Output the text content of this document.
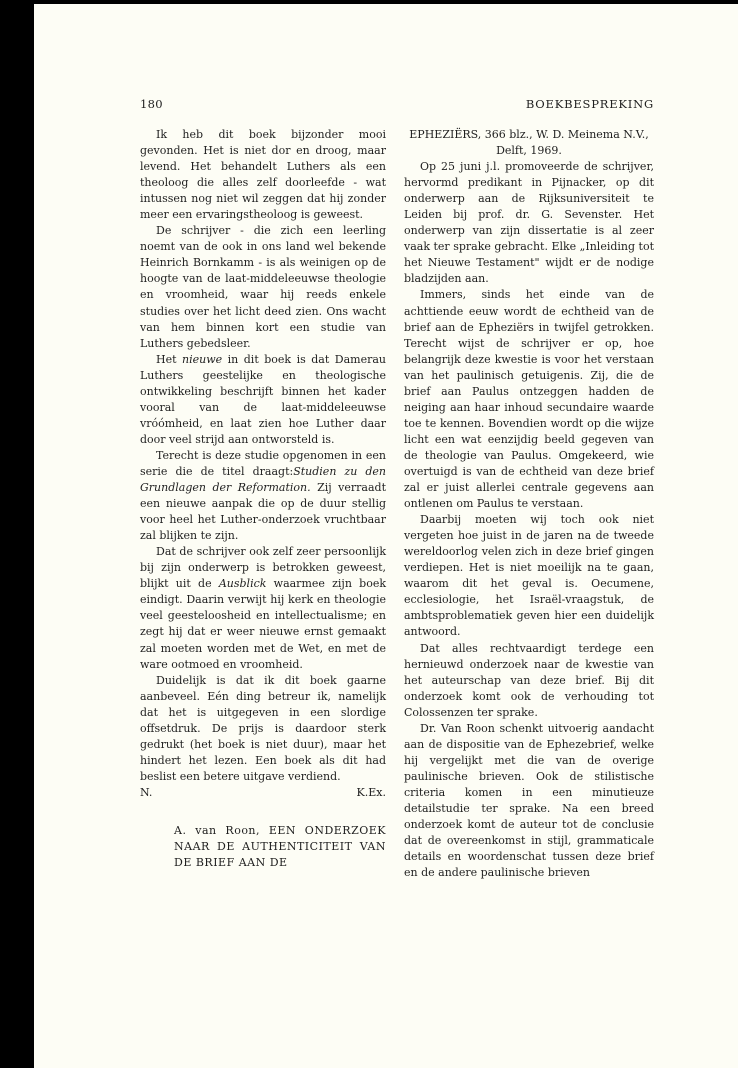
180	BOEKBESPREKING

Ik heb dit boek bijzonder mooi gevonden. Het is niet dor en droog, maar levend. Het behandelt Luthers als een theoloog die alles zelf doorleefde - wat intussen nog niet wil zeggen dat hij zonder meer een ervaringstheoloog is geweest.

De schrijver - die zich een leerling noemt van de ook in ons land wel bekende Heinrich Bornkamm - is als weinigen op de hoogte van de laat-middeleeuwse theologie en vroomheid, waar hij reeds enkele studies over het licht deed zien. Ons wacht van hem binnen kort een studie van Luthers gebedsleer.

Het nieuwe in dit boek is dat Damerau Luthers geestelijke en theologische ontwikkeling beschrijft binnen het kader vooral van de laat-middeleeuwse vróómheid, en laat zien hoe Luther daar door veel strijd aan ontworsteld is.

Terecht is deze studie opgenomen in een serie die de titel draagt:Studien zu den Grundlagen der Reformation. Zij verraadt een nieuwe aanpak die op de duur stellig voor heel het Luther-onderzoek vruchtbaar zal blijken te zijn.

Dat de schrijver ook zelf zeer persoonlijk bij zijn onderwerp is betrokken geweest, blijkt uit de Ausblick waarmee zijn boek eindigt. Daarin verwijt hij kerk en theologie veel geesteloosheid en intellectualisme; en zegt hij dat er weer nieuwe ernst gemaakt zal moeten worden met de Wet, en met de ware ootmoed en vroomheid.

Duidelijk is dat ik dit boek gaarne aanbeveel. Eén ding betreur ik, namelijk dat het is uitgegeven in een slordige offsetdruk. De prijs is daardoor sterk gedrukt (het boek is niet duur), maar het hindert het lezen. Een boek als dit had beslist een betere uitgave verdiend.

N.	K.Ex.
A. van Roon, EEN ONDERZOEK NAAR DE AUTHENTICITEIT VAN DE BRIEF AAN DE
EPHEZIËRS, 366 blz., W. D. Meinema N.V., Delft, 1969.

Op 25 juni j.l. promoveerde de schrijver, hervormd predikant in Pijnacker, op dit onderwerp aan de Rijksuniversiteit te Leiden bij prof. dr. G. Sevenster. Het onderwerp van zijn dissertatie is al zeer vaak ter sprake gebracht. Elke „Inleiding tot het Nieuwe Testament" wijdt er de nodige bladzijden aan.

Immers, sinds het einde van de achttiende eeuw wordt de echtheid van de brief aan de Epheziërs in twijfel getrokken. Terecht wijst de schrijver er op, hoe belangrijk deze kwestie is voor het verstaan van het paulinisch getuigenis. Zij, die de brief aan Paulus ontzeggen hadden de neiging aan haar inhoud secundaire waarde toe te kennen. Bovendien wordt op die wijze licht een wat eenzijdig beeld gegeven van de theologie van Paulus. Omgekeerd, wie overtuigd is van de echtheid van deze brief zal er juist allerlei centrale gegevens aan ontlenen om Paulus te verstaan.

Daarbij moeten wij toch ook niet vergeten hoe juist in de jaren na de tweede wereldoorlog velen zich in deze brief gingen verdiepen. Het is niet moeilijk na te gaan, waarom dit het geval is. Oecumene, ecclesiologie, het Israël-vraagstuk, de ambtsproblematiek geven hier een duidelijk antwoord.

Dat alles rechtvaardigt terdege een hernieuwd onderzoek naar de kwestie van het auteurschap van deze brief. Bij dit onderzoek komt ook de verhouding tot Colossenzen ter sprake.

Dr. Van Roon schenkt uitvoerig aandacht aan de dispositie van de Ephezebrief, welke hij vergelijkt met die van de overige paulinische brieven. Ook de stilistische criteria komen in een minutieuze detailstudie ter sprake. Na een breed onderzoek komt de auteur tot de conclusie dat de overeenkomst in stijl, grammaticale details en woordenschat tussen deze brief en de andere paulinische brieven
